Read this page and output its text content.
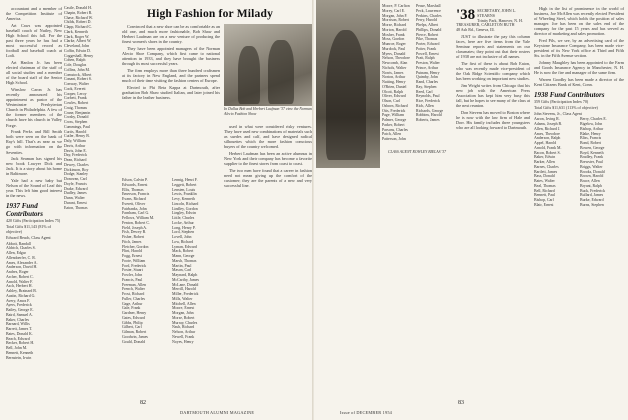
accountant and a member of the Competition Institute of America.

Art Caws was appointed baseball coach of Nutley, New High School this fall. For the past three years he has had a most successful record as football and baseball coach at Lodi.

Art Hanlon Jr. has been elected chairman of the staff of all social studies and a member of the board staff of the Senior High School.

Winslow Caron Jr. has recently announced his appointment as pastor of the Westminster Presbyterian Church in Philadelphia. A few of the former members of the church have his church in Valley Forge.

Frank Perks and Bill Smith both were seen on the bank of Ray's hill. That's as near as we go with information on the Seventies.

Jack Seaman has signed his new book Lawyer Dick and Jack. It is a story about his home in Baltimore.

Yale had a new baby but Nelson of the Sound of Leaf this year. This left him good interest in the news.

1937 Fund Contributors
420 Gifts (Participation Index 75)
Total Gifts $11,143 (81% of objective)
Edward Beach, Class Agent
Abbott, Randall
Aldrich, Charles S.
Allen, Edgar
Allendoerfer, C. R.
Ames, Alexander A.
Anderson, David H.
Andres, Roger
Archer, Robert C.
Arnold, Walter F.
Asch, Herbert H.
Ashley, Brainard B.
Austin, Richard G.
Avery, Amos F.
Ayers, Frederick
Bailey, George E.
Baird, Samuel A.
Baker, Charles
Barnard, Willis
Barrett, James T.
Bates, Donald K.
Beach, Edward
Becker, Robert H.
Bell, John M.
Bennett, Kenneth
Bernstein, Irwin
Castle, Donald H.
Chapin, Robert R.
Chase, Richard W.
Childs, Robert D.
Clapp, Richard C.
Clark, Kenneth
Clark, Roger W.
Clarke, Albert W.
Cleveland, John
Coffin, Edwin D.
Coggeshall, Henry
Cohen, Ralph
Cole, Douglas
Collins, John M.
Comstock, Albert
Conant, Robert S.
Conway, Walter
Cook, Everett
Cooper, Leroy
Corbett, Frank
Cowles, Robert
Craig, Thomas
Crane, Benjamin
Crosby, Donald
Cross, Stephen
Cummings, Paul
Curtis, Harold
Cutler, Henry B.
Daly, William
Davis, Arthur
Davis, John E.
Day, Frederick
Dean, Richard
Dewey, Charles
Dickinson, Roy
Dodge, Stanley
Donovan, Carl
Doyle, Francis
Drake, Edward
Dudley, James
Dunn, Walter
Durant, Ernest
Eaton, Thomas
High Fashion for Milady

Convinced that a new shoe can be as comfortable as an old one, and much more fashionable, Bob Shaw and Herbert Laufman are on a new venture of producing the finest women's shoes in the country.

They have been appointed managers of the Norman Alecio Shoe Company, which first came to national attention in 1933, and they have brought the business through its most successful years.

The firm employs more than three hundred craftsmen at its factory in New England, and the partners spend much of their time visiting the fashion centers of Europe.

Elected to Phi Beta Kappa at Dartmouth, after graduation Bob Shaw studied Italian, and later joined his father in the leather business.

In Dallas Bob and Herbert Laufman '37 view the Norman Alecio Fashion Show

used in what were considered risky ventures. They have used new combinations of materials such as suedes and calf, and have designed radical silhouettes which the more fashion conscious buyers of the country welcomed.

Herbert Laufman has been an active alumnus in New York and their company has become a favorite supplier to the finest stores from coast to coast.

The two men have found that a career in fashion need not mean giving up the comfort of the customer; they are the parents of a new and very successful line.

Edson, Calvin P.
Edwards, Ernest
Ellis, Thomas
Emerson, Francis
Evans, Richard
Everett, Oliver
Fairbanks, John
Farnham, Carl G.
Fellows, William M.
Fenton, Robert C.
Field, Joseph A.
Fish, Dewey B.
Fisher, Robert
Fitch, James
Fletcher, Gordon
Flint, Harold
Fogg, Ernest
Foote, William
Ford, Frederick
Foster, Stuart
Fowler, John
Francis, Paul
Freeman, Allen
French, Walter
Frost, Richard
Fuller, Charles
Gage, Arthur
Gale, Frank
Gardner, Henry
Gates, Edward
Gibbs, Philip
Gilbert, Carl
Gilman, Robert
Goodwin, James
Gould, Donald
Lennig, Henri F.
Leggett, Robert
Lensten, Louis
Lewis, Franklin
Levy, Kenneth
Lincoln, Richard
Lindley, Gordon
Lingley, Edwin
Little, Charles
Locke, Arthur
Long, Henry P.
Lord, Stephen
Lovell, John
Low, Richard
Lyman, Edward
Mack, Robert
Mann, George
Marsh, Thomas
Martin, Paul
Mason, Carl
Maynard, Ralph
McCarthy, James
McLane, Donald
Merrill, Harold
Miller, Frederick
Mills, Walter
Mitchell, Allen
Moore, Ernest
Morgan, John
Morse, Robert
Murray, Charles
Nash, Richard
Nelson, Arthur
Newell, Frank
Noyes, Henry
82
DARTMOUTH ALUMNI MAGAZINE
Moore, P. Carlton
Morey, Carl E.
Morgan, John F.
Morrison, Robert
Morse, Richard
Morton, Harold
Mosher, Frank
Moss, Gordon
Munroe, Roger
Murdock, Paul
Myers, Donald
Nelson, Theodore
Newcomb, Alan
Nichols, Walter
Norris, James
Norton, Arthur
Nutting, Henry
O'Brien, Daniel
Olcott, Ralph
Oliver, Edward
Olson, Carl
Osborn, Richard
Otis, Frederick
Page, William
Palmer, George
Parker, Robert
Parsons, Charles
Patch, Allen
Patterson, John
Pease, Marshall
Peck, Lawrence
Perkins, Charles
Perry, Harold
Phelps, Albert
Phillips, Donald
Pierce, Robert
Pike, Thomas
Porter, Edward
Potter, Frank
Powell, Ernest
Pratt, Ralph
Preston, Walter
Prince, Arthur
Putnam, Henry
Quimby, John
Rand, Charles
Ray, Stephen
Reed, Carl
Reynolds, Paul
Rice, Frederick
Rich, Allen
Richards, George
Robbins, Harold
Roberts, James
CLASS AGENT ROWLEY BIELAS '37
'38 SECRETARY, JOHN L. STEARNS

Trinity Park, Hanover, N. H.

TREASURER, CARLETON RUTH

48 Ash Rd., Geneva, Ill.

JUST to illustrate the pay this column faces, here are five items from the Yale Seminar reports and statements on our classmates; they point out that their rosters of 1938 are not inclusive of all names.

The first of these is about Bob Eaton, who was recently made vice-president of the Oak Ridge Scientific company which has been working on important new studies.

Jim Wright writes from Chicago that his new job with the American Press Association has kept him very busy this fall, but he hopes to see many of the class at the next reunion.

Don Stevens has moved to Boston where he is now with the law firm of Hale and Dorr. His family includes three youngsters who are all looking forward to Dartmouth.

High in the list of prominence in the world of business, Joe McAllen was recently elected President of Wheeling Steel, which holds the position of sales manager. Joe has been on the sales end of the company for the past 15 years and has served as director of marketing and sales promotion.

Fred Pils, we see, by an advertising card of the Keystone Insurance Company, has been made vice-president of its New York office at Third and Fifth Sts. in the Fifth Avenue section.

Johnny Maughley has been appointed to the Farm and Goods Insurance Agency in Manchester, N. H. He is now the fire and manager of the same firm.

Warren Goodby has been made a director of the Kent Citizens Bank of Kent, Conn.

1938 Fund Contributors
359 Gifts (Participation Index 70)
Total Gifts $11,631 (113% of objective)
John Stevens, Jr., Class Agent
Aaron, Irving R.
Adams, Joseph B.
Allen, Richard J.
Ames, Theodore
Anderson, Ralph
Appel, Harold
Arnold, Frank M.
Bacon, Robert S.
Baker, Edwin
Barker, Allen
Barnes, Charles
Bartlett, James
Bass, Donald
Bates, Walter
Beal, Thomas
Bell, Richard
Bennett, Paul
Bishop, Carl
Blair, Ernest
Berry, Charles E.
Bigelow, John
Bishop, Arthur
Blake, Henry
Bliss, Francis
Bond, Robert
Bowen, George
Boyd, Kenneth
Bradley, Frank
Brewster, Paul
Briggs, Walter
Brooks, Donald
Brown, Harold
Bruce, Allen
Bryant, Ralph
Buck, Frederick
Bullard, James
Burke, Edward
Burns, Stephen
83
Issue of DECEMBER 1954
